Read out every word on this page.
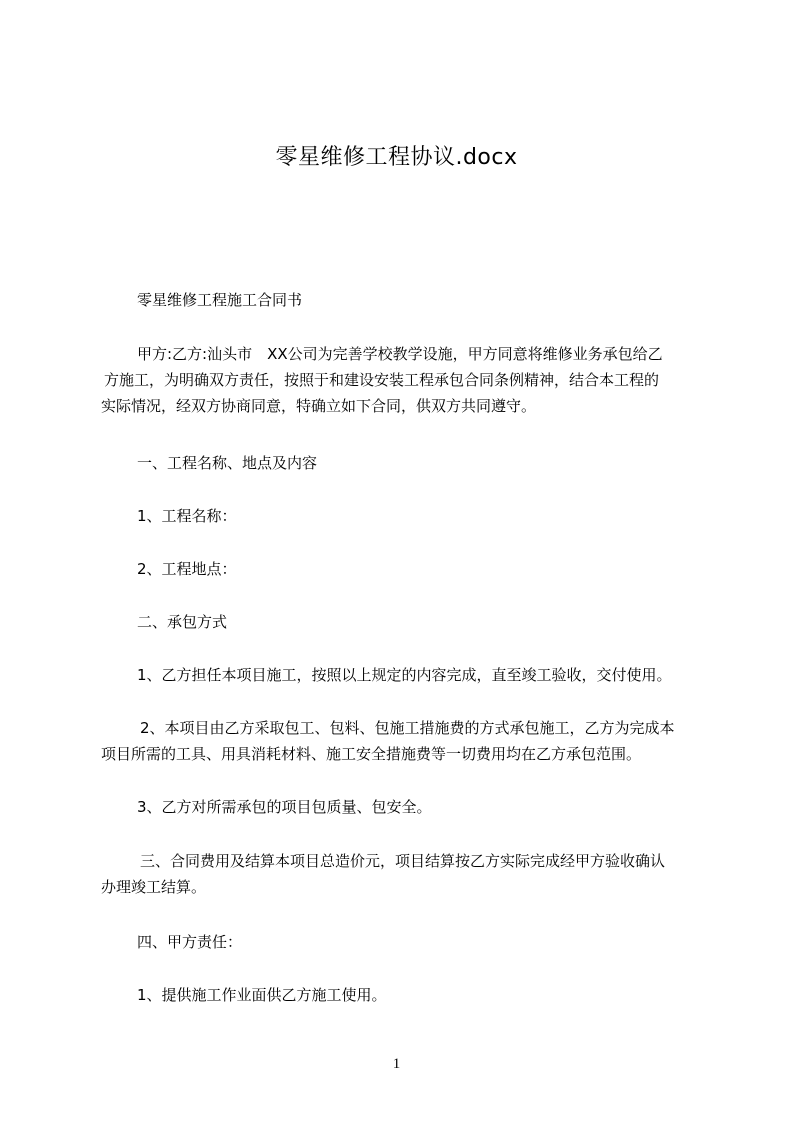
零星维修工程协议.docx
零星维修工程施工合同书
甲方:乙方:汕头市　XX公司为完善学校教学设施，甲方同意将维修业务承包给乙
方施工，为明确双方责任，按照于和建设安装工程承包合同条例精神，结合本工程的
实际情况，经双方协商同意，特确立如下合同，供双方共同遵守。
一、工程名称、地点及内容
1、工程名称：
2、工程地点：
二、承包方式
1、乙方担任本项目施工，按照以上规定的内容完成，直至竣工验收，交付使用。
2、本项目由乙方采取包工、包料、包施工措施费的方式承包施工，乙方为完成本
项目所需的工具、用具消耗材料、施工安全措施费等一切费用均在乙方承包范围。
3、乙方对所需承包的项目包质量、包安全。
三、合同费用及结算本项目总造价元，项目结算按乙方实际完成经甲方验收确认
办理竣工结算。
四、甲方责任：
1、提供施工作业面供乙方施工使用。
1
